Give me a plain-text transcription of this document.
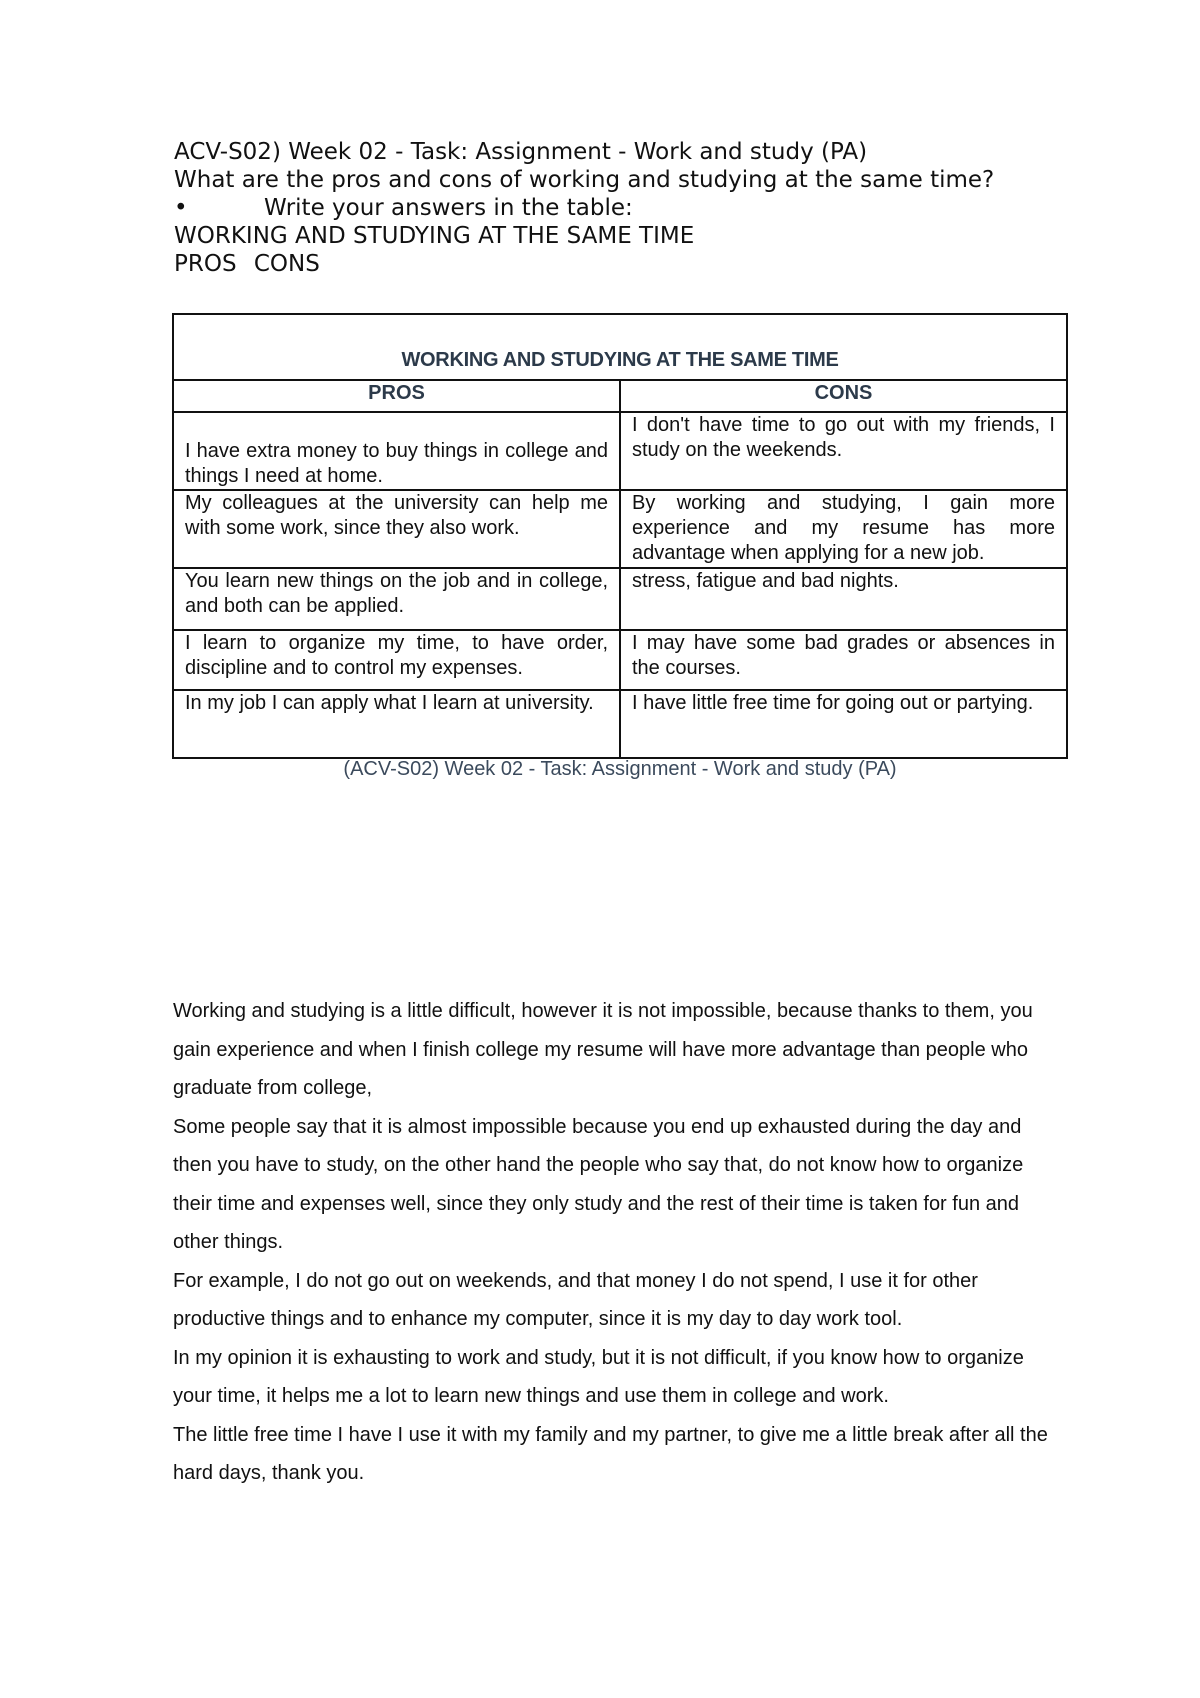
ACV-S02) Week 02 - Task: Assignment - Work and study (PA)

What are the pros and cons of working and studying at the same time?

•	Write your answers in the table:

WORKING AND STUDYING AT THE SAME TIME

PROS CONS

WORKING AND STUDYING AT THE SAME TIME	
PROS	CONS
I have extra money to buy things in college and things I need at home.	I don't have time to go out with my friends, I study on the weekends.
My colleagues at the university can help me with some work, since they also work.	By working and studying, I gain more experience and my resume has more advantage when applying for a new job.
You learn new things on the job and in college, and both can be applied.	stress, fatigue and bad nights.
I learn to organize my time, to have order, discipline and to control my expenses.	I may have some bad grades or absences in the courses.
In my job I can apply what I learn at university.	I have little free time for going out or partying.
(ACV-S02) Week 02 - Task: Assignment - Work and study (PA)

Working and studying is a little difficult, however it is not impossible, because thanks to them, you gain experience and when I finish college my resume will have more advantage than people who graduate from college,

Some people say that it is almost impossible because you end up exhausted during the day and then you have to study, on the other hand the people who say that, do not know how to organize their time and expenses well, since they only study and the rest of their time is taken for fun and other things.

For example, I do not go out on weekends, and that money I do not spend, I use it for other productive things and to enhance my computer, since it is my day to day work tool.

In my opinion it is exhausting to work and study, but it is not difficult, if you know how to organize your time, it helps me a lot to learn new things and use them in college and work.

The little free time I have I use it with my family and my partner, to give me a little break after all the hard days, thank you.
